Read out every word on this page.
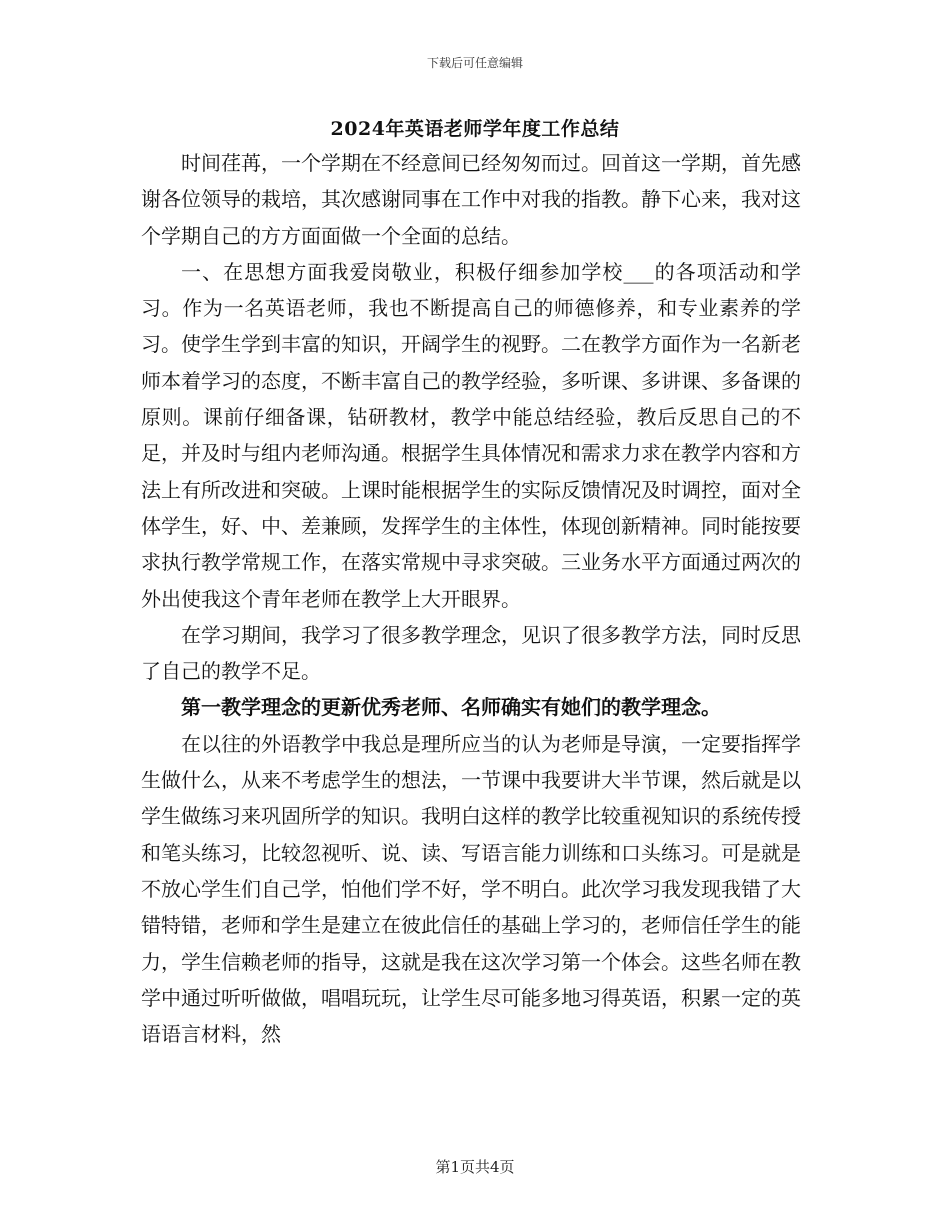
下载后可任意编辑
2024年英语老师学年度工作总结

时间荏苒，一个学期在不经意间已经匆匆而过。回首这一学期，首先感谢各位领导的栽培，其次感谢同事在工作中对我的指教。静下心来，我对这个学期自己的方方面面做一个全面的总结。

一、在思想方面我爱岗敬业，积极仔细参加学校___的各项活动和学习。作为一名英语老师，我也不断提高自己的师德修养，和专业素养的学习。使学生学到丰富的知识，开阔学生的视野。二在教学方面作为一名新老师本着学习的态度，不断丰富自己的教学经验，多听课、多讲课、多备课的原则。课前仔细备课，钻研教材，教学中能总结经验，教后反思自己的不足，并及时与组内老师沟通。根据学生具体情况和需求力求在教学内容和方法上有所改进和突破。上课时能根据学生的实际反馈情况及时调控，面对全体学生，好、中、差兼顾，发挥学生的主体性，体现创新精神。同时能按要求执行教学常规工作，在落实常规中寻求突破。三业务水平方面通过两次的外出使我这个青年老师在教学上大开眼界。

在学习期间，我学习了很多教学理念，见识了很多教学方法，同时反思了自己的教学不足。

第一教学理念的更新优秀老师、名师确实有她们的教学理念。

在以往的外语教学中我总是理所应当的认为老师是导演，一定要指挥学生做什么，从来不考虑学生的想法，一节课中我要讲大半节课，然后就是以学生做练习来巩固所学的知识。我明白这样的教学比较重视知识的系统传授和笔头练习，比较忽视听、说、读、写语言能力训练和口头练习。可是就是不放心学生们自己学，怕他们学不好，学不明白。此次学习我发现我错了大错特错，老师和学生是建立在彼此信任的基础上学习的，老师信任学生的能力，学生信赖老师的指导，这就是我在这次学习第一个体会。这些名师在教学中通过听听做做，唱唱玩玩，让学生尽可能多地习得英语，积累一定的英语语言材料，然

第1页共4页
